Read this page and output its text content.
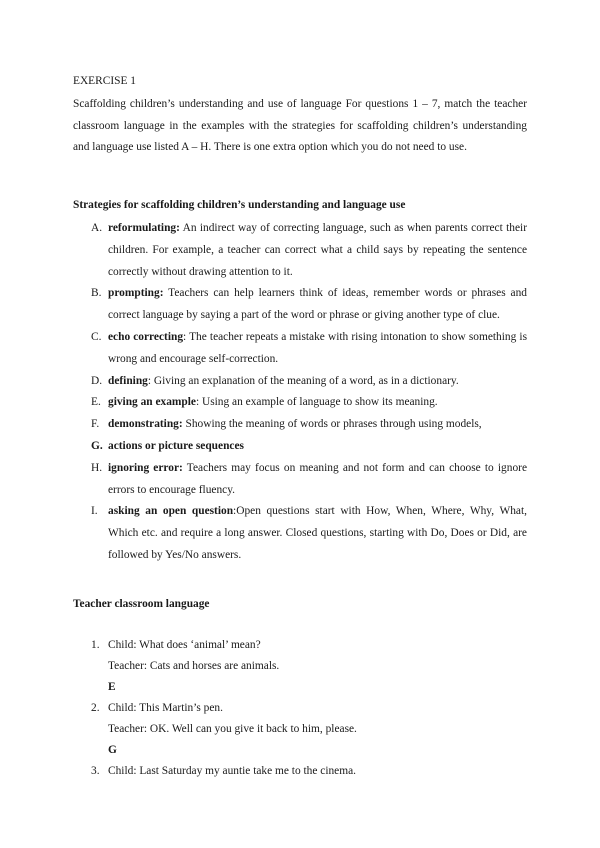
EXERCISE 1

Scaffolding children’s understanding and use of language For questions 1 – 7, match the teacher classroom language in the examples with the strategies for scaffolding children’s understanding and language use listed A – H. There is one extra option which you do not need to use.

Strategies for scaffolding children’s understanding and language use
A. reformulating: An indirect way of correcting language, such as when parents correct their children. For example, a teacher can correct what a child says by repeating the sentence correctly without drawing attention to it.
B. prompting: Teachers can help learners think of ideas, remember words or phrases and correct language by saying a part of the word or phrase or giving another type of clue.
C. echo correcting: The teacher repeats a mistake with rising intonation to show something is wrong and encourage self-correction.
D. defining: Giving an explanation of the meaning of a word, as in a dictionary.
E. giving an example: Using an example of language to show its meaning.
F. demonstrating: Showing the meaning of words or phrases through using models,
G. actions or picture sequences
H. ignoring error: Teachers may focus on meaning and not form and can choose to ignore errors to encourage fluency.
I. asking an open question:Open questions start with How, When, Where, Why, What, Which etc. and require a long answer. Closed questions, starting with Do, Does or Did, are followed by Yes/No answers.
Teacher classroom language
1. Child: What does ‘animal’ mean?
Teacher: Cats and horses are animals.
E
2. Child: This Martin’s pen.
Teacher: OK. Well can you give it back to him, please.
G
3. Child: Last Saturday my auntie take me to the cinema.
